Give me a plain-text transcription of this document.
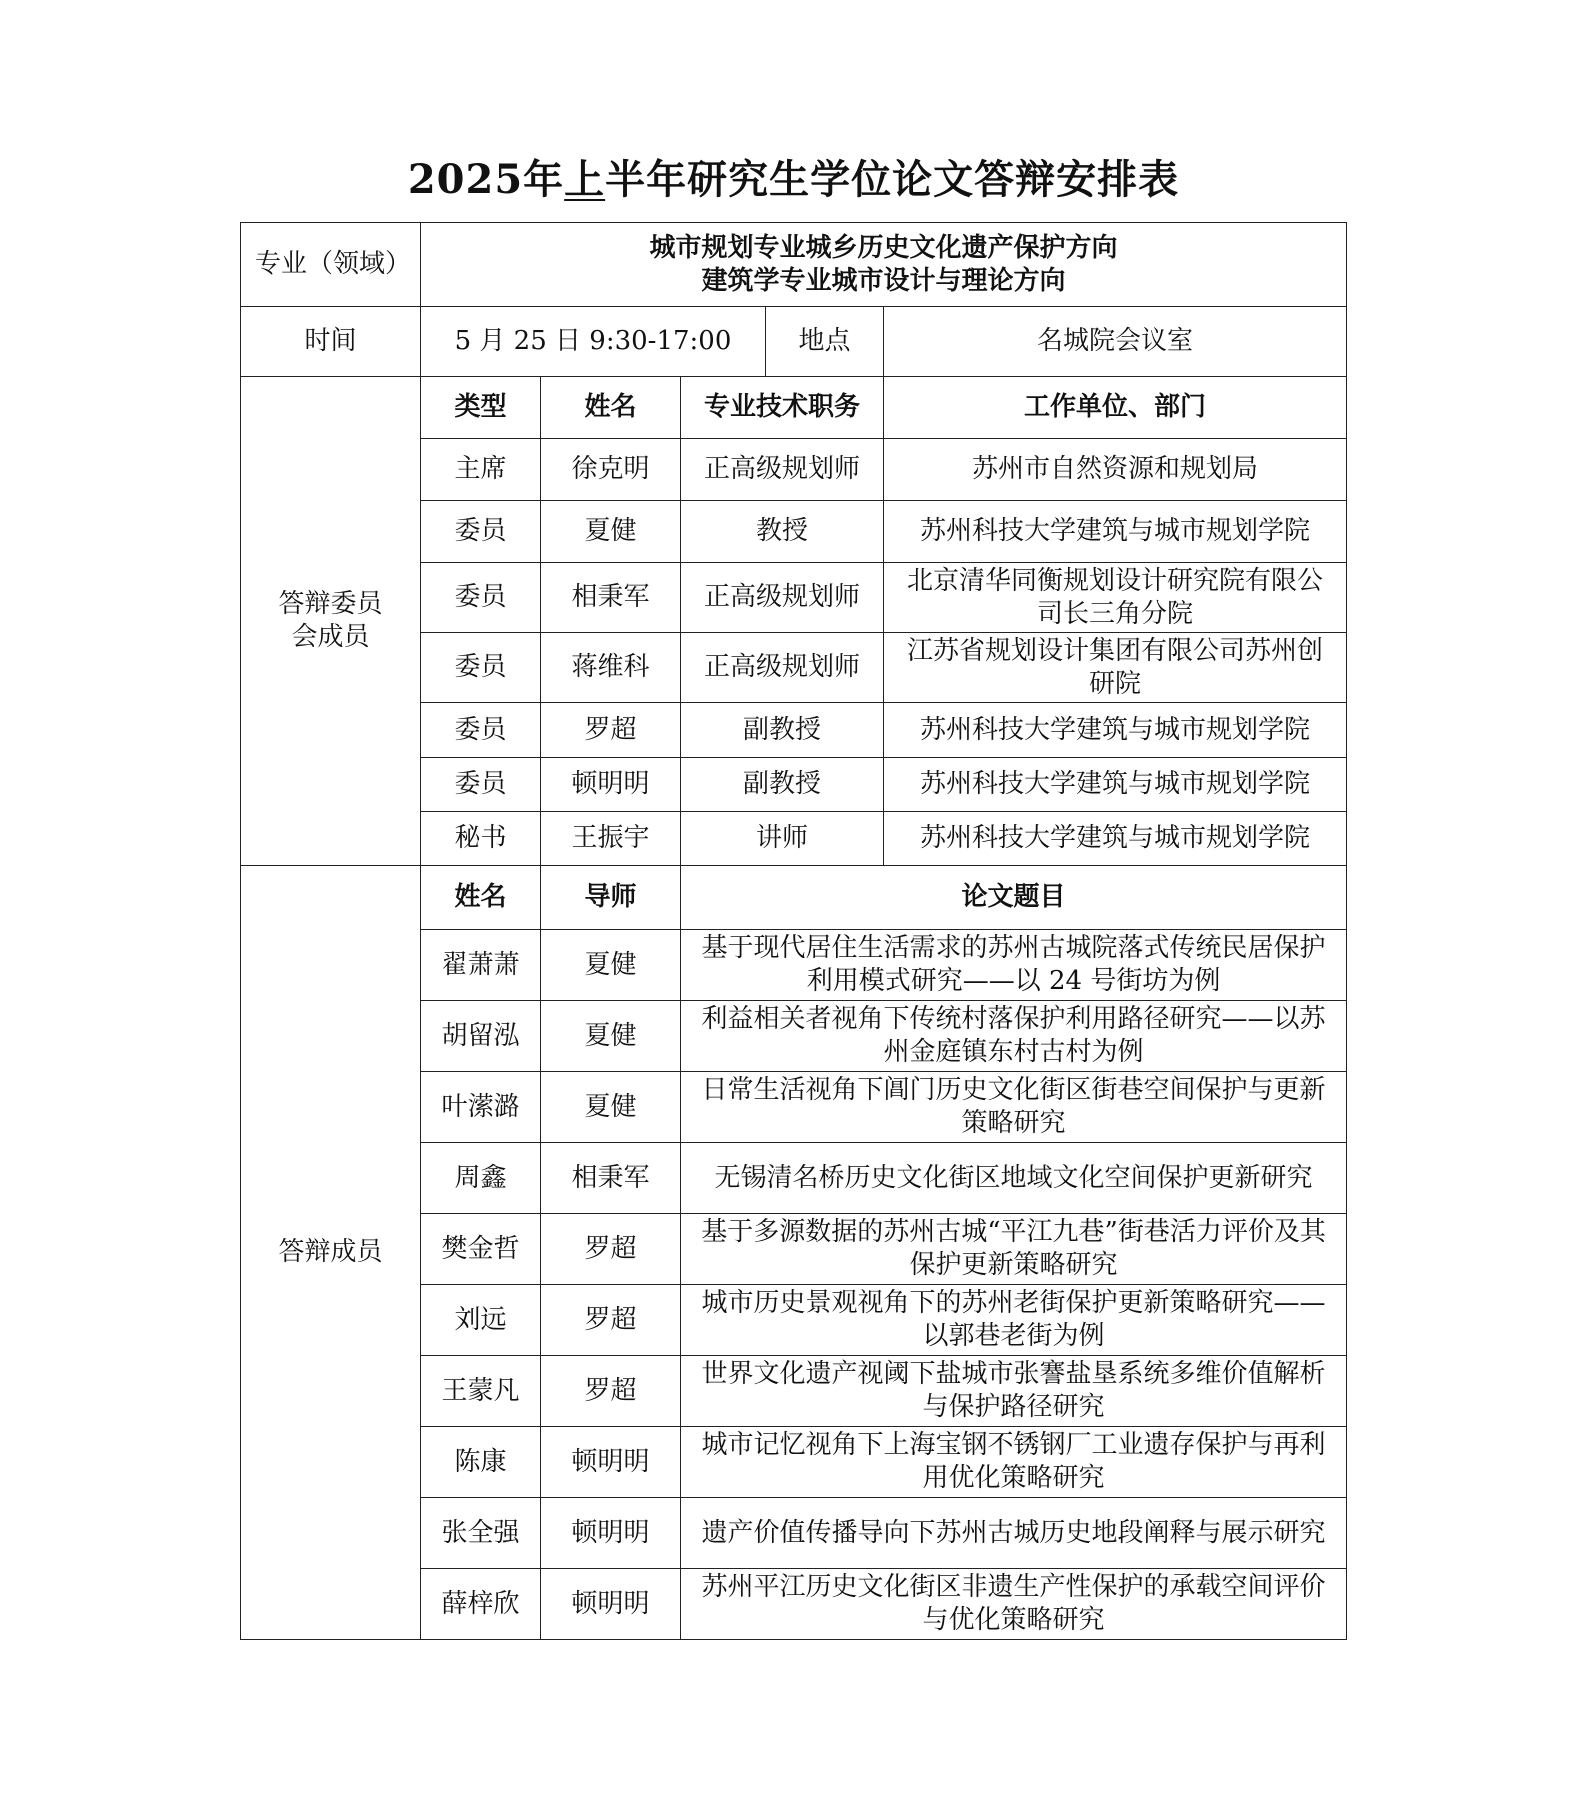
2025年上半年研究生学位论文答辩安排表
专业（领域）	城市规划专业城乡历史文化遗产保护方向
建筑学专业城市设计与理论方向				

时间	5 月 25 日 9:30-17:00			地点	名城院会议室

答辩委员
会成员	类型	姓名	专业技术职务		工作单位、部门
	主席	徐克明	正高级规划师		苏州市自然资源和规划局
	委员	夏健	教授		苏州科技大学建筑与城市规划学院
	委员	相秉军	正高级规划师		北京清华同衡规划设计研究院有限公司长三角分院
	委员	蒋维科	正高级规划师		江苏省规划设计集团有限公司苏州创研院
	委员	罗超	副教授		苏州科技大学建筑与城市规划学院
	委员	顿明明	副教授		苏州科技大学建筑与城市规划学院
	秘书	王振宇	讲师		苏州科技大学建筑与城市规划学院
答辩成员	姓名	导师	论文题目		
	翟萧萧	夏健	基于现代居住生活需求的苏州古城院落式传统民居保护利用模式研究——以 24 号街坊为例		
	胡留泓	夏健	利益相关者视角下传统村落保护利用路径研究——以苏州金庭镇东村古村为例		
	叶潆潞	夏健	日常生活视角下阊门历史文化街区街巷空间保护与更新策略研究		
	周鑫	相秉军	无锡清名桥历史文化街区地域文化空间保护更新研究		
	樊金哲	罗超	基于多源数据的苏州古城“平江九巷”街巷活力评价及其保护更新策略研究		
	刘远	罗超	城市历史景观视角下的苏州老街保护更新策略研究——以郭巷老街为例		
	王蒙凡	罗超	世界文化遗产视阈下盐城市张謇盐垦系统多维价值解析与保护路径研究		
	陈康	顿明明	城市记忆视角下上海宝钢不锈钢厂工业遗存保护与再利用优化策略研究		
	张全强	顿明明	遗产价值传播导向下苏州古城历史地段阐释与展示研究		
	薛梓欣	顿明明	苏州平江历史文化街区非遗生产性保护的承载空间评价与优化策略研究		
